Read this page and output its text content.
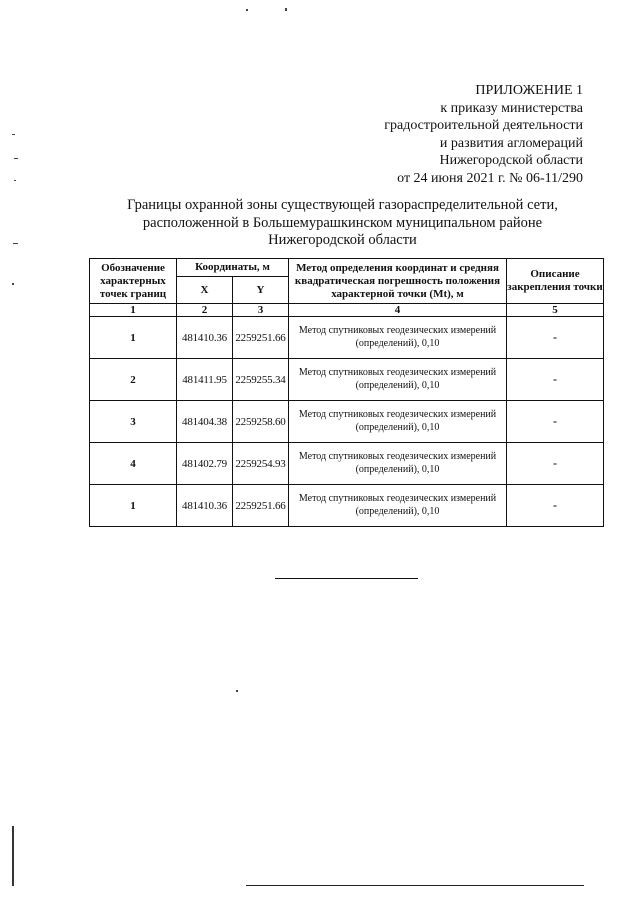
ПРИЛОЖЕНИЕ 1
к приказу министерства
градостроительной деятельности
и развития агломераций
Нижегородской области
от 24 июня 2021 г. № 06-11/290
Границы охранной зоны существующей газораспределительной сети,
расположенной в Большемурашкинском муниципальном районе
Нижегородской области
Обозначение характерных точек границ	Координаты, м		Метод определения координат и средняя квадратическая погрешность положения характерной точки (Mt), м	Описание закрепления точки
	X	Y		
1	2	3	4	5
1	481410.36	2259251.66	Метод спутниковых геодезических измерений (определений), 0,10	-
2	481411.95	2259255.34	Метод спутниковых геодезических измерений (определений), 0,10	-
3	481404.38	2259258.60	Метод спутниковых геодезических измерений (определений), 0,10	-
4	481402.79	2259254.93	Метод спутниковых геодезических измерений (определений), 0,10	-
1	481410.36	2259251.66	Метод спутниковых геодезических измерений (определений), 0,10	-
